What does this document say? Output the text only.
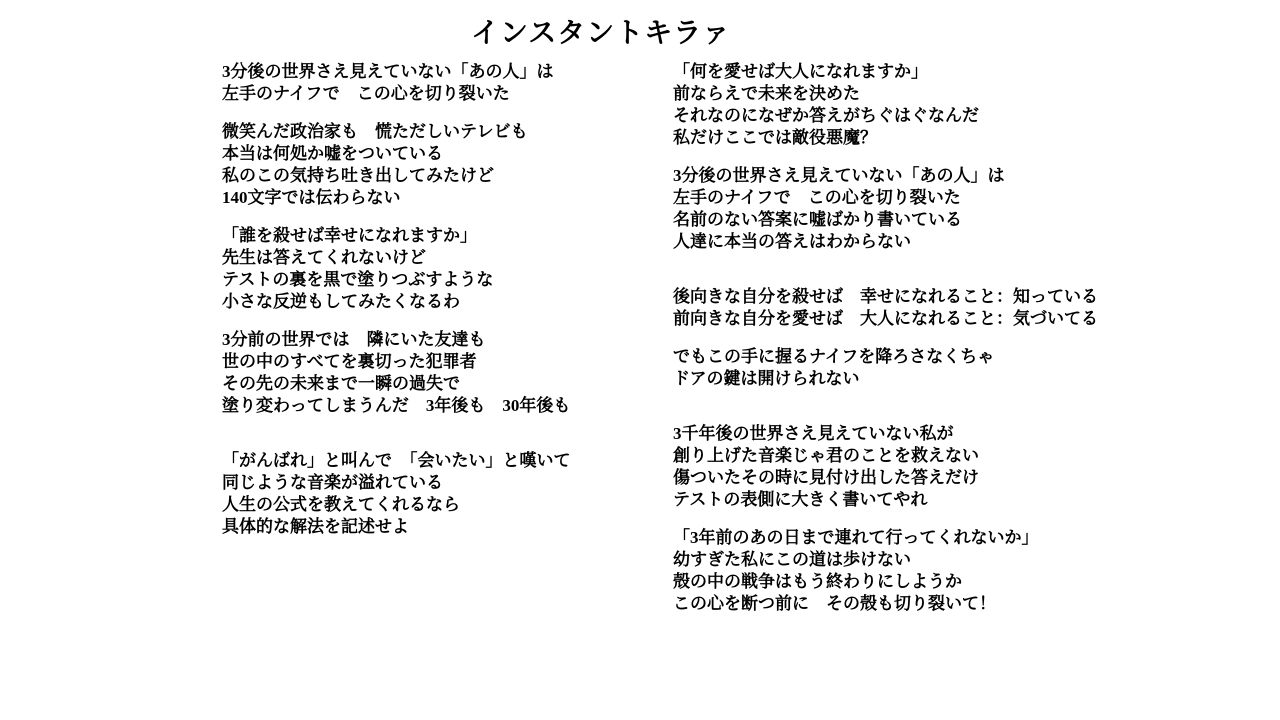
インスタントキラァ
3分後の世界さえ見えていない「あの人」は
左手のナイフで　この心を切り裂いた
微笑んだ政治家も　慌ただしいテレビも
本当は何処か嘘をついている
私のこの気持ち吐き出してみたけど
140文字では伝わらない
「誰を殺せば幸せになれますか」
先生は答えてくれないけど
テストの裏を黒で塗りつぶすような
小さな反逆もしてみたくなるわ
3分前の世界では　隣にいた友達も
世の中のすべてを裏切った犯罪者
その先の未来まで一瞬の過失で
塗り変わってしまうんだ　3年後も　30年後も
「がんばれ」と叫んで　「会いたい」と嘆いて
同じような音楽が溢れている
人生の公式を教えてくれるなら
具体的な解法を記述せよ
「何を愛せば大人になれますか」
前ならえで未来を決めた
それなのになぜか答えがちぐはぐなんだ
私だけここでは敵役悪魔？
3分後の世界さえ見えていない「あの人」は
左手のナイフで　この心を切り裂いた
名前のない答案に嘘ばかり書いている
人達に本当の答えはわからない
後向きな自分を殺せば　幸せになれること：知っている
前向きな自分を愛せば　大人になれること：気づいてる
でもこの手に握るナイフを降ろさなくちゃ
ドアの鍵は開けられない
3千年後の世界さえ見えていない私が
創り上げた音楽じゃ君のことを救えない
傷ついたその時に見付け出した答えだけ
テストの表側に大きく書いてやれ
「3年前のあの日まで連れて行ってくれないか」
幼すぎた私にこの道は歩けない
殻の中の戦争はもう終わりにしようか
この心を断つ前に　その殻も切り裂いて！
